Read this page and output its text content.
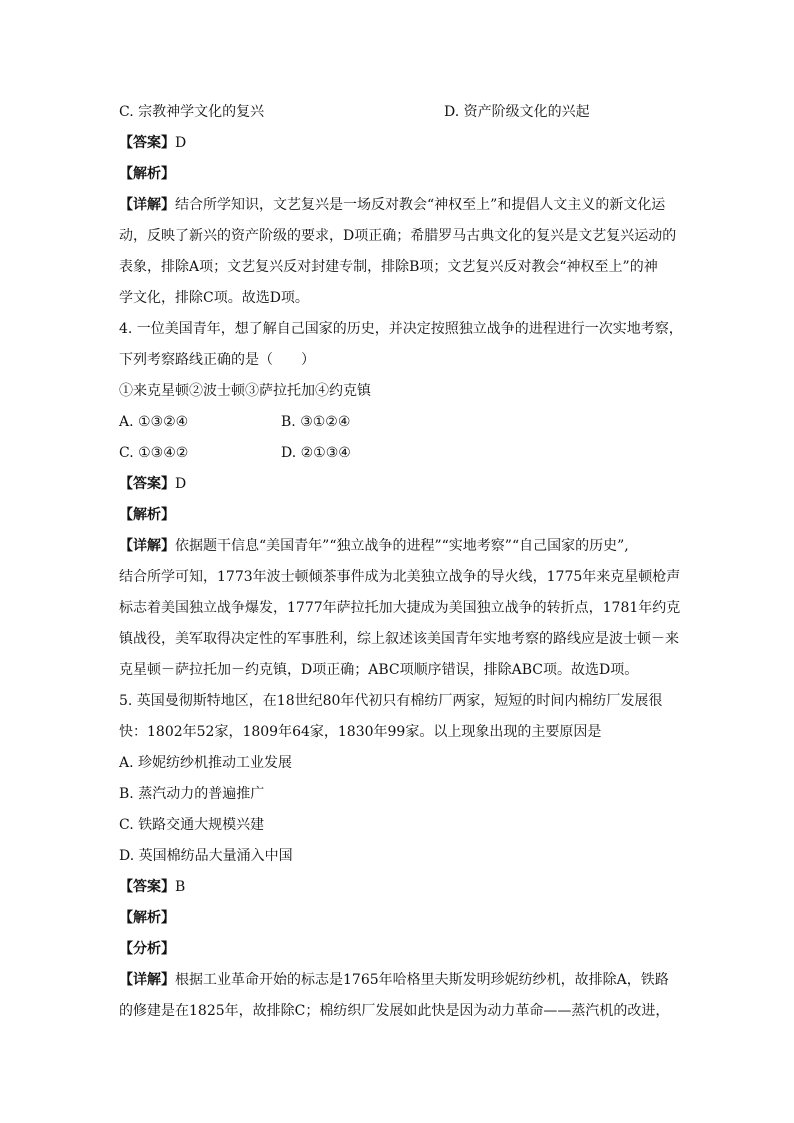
C. 宗教神学文化的复兴	D. 资产阶级文化的兴起
【答案】D
【解析】
【详解】结合所学知识，文艺复兴是一场反对教会“神权至上”和提倡人文主义的新文化运
动，反映了新兴的资产阶级的要求，D项正确；希腊罗马古典文化的复兴是文艺复兴运动的
表象，排除A项；文艺复兴反对封建专制，排除B项；文艺复兴反对教会“神权至上”的神
学文化，排除C项。故选D项。
4. 一位美国青年，想了解自己国家的历史，并决定按照独立战争的进程进行一次实地考察，
下列考察路线正确的是（　　）
①来克星顿②波士顿③萨拉托加④约克镇
A. ①③②④	B. ③①②④
C. ①③④②	D. ②①③④
【答案】D
【解析】
【详解】依据题干信息“美国青年”“独立战争的进程”“实地考察”“自己国家的历史”,
结合所学可知，1773年波士顿倾茶事件成为北美独立战争的导火线，1775年来克星顿枪声
标志着美国独立战争爆发，1777年萨拉托加大捷成为美国独立战争的转折点，1781年约克
镇战役，美军取得决定性的军事胜利，综上叙述该美国青年实地考察的路线应是波士顿－来
克星顿－萨拉托加－约克镇，D项正确；ABC项顺序错误，排除ABC项。故选D项。
5. 英国曼彻斯特地区，在18世纪80年代初只有棉纺厂两家，短短的时间内棉纺厂发展很
快：1802年52家，1809年64家，1830年99家。以上现象出现的主要原因是
A. 珍妮纺纱机推动工业发展
B. 蒸汽动力的普遍推广
C. 铁路交通大规模兴建
D. 英国棉纺品大量涌入中国
【答案】B
【解析】
【分析】
【详解】根据工业革命开始的标志是1765年哈格里夫斯发明珍妮纺纱机，故排除A，铁路
的修建是在1825年，故排除C；棉纺织厂发展如此快是因为动力革命——蒸汽机的改进，
